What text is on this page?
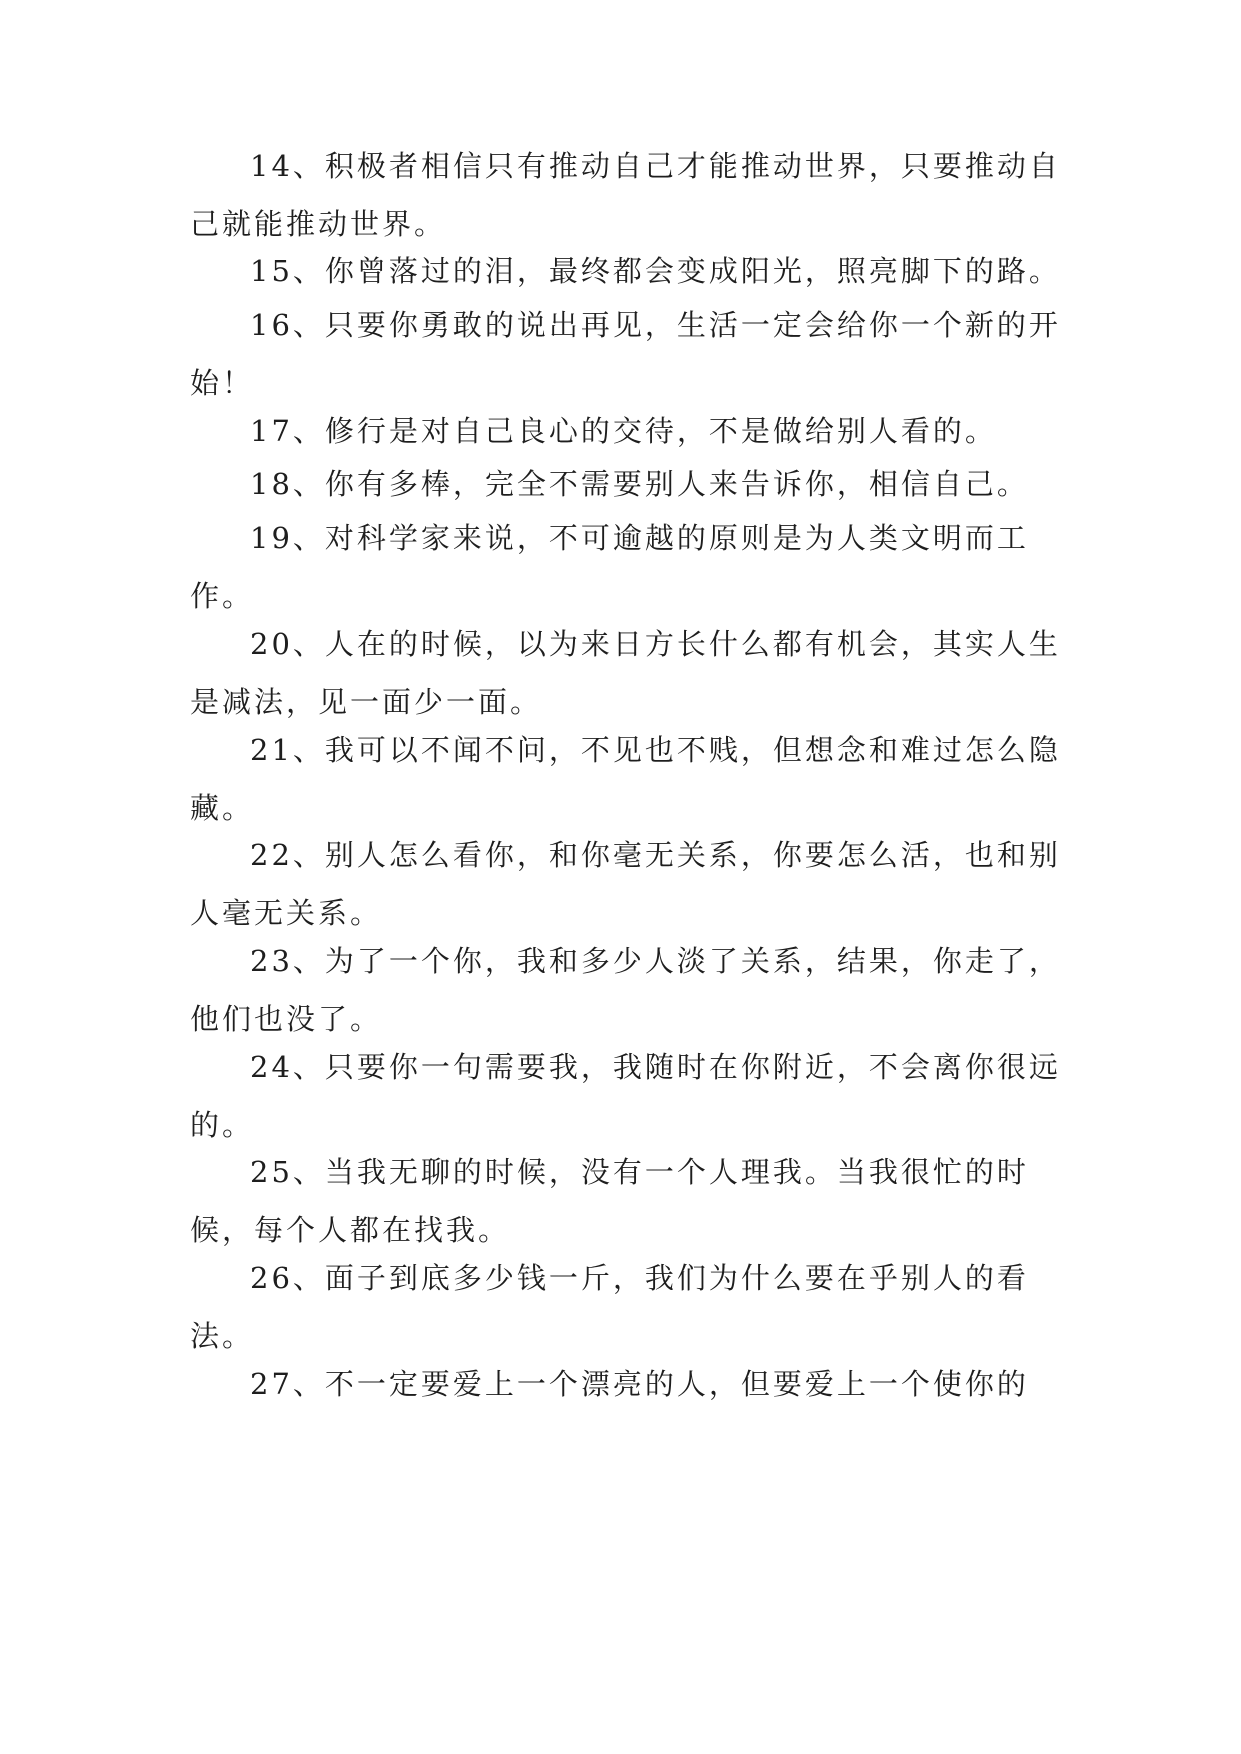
14、积极者相信只有推动自己才能推动世界，只要推动自己就能推动世界。

15、你曾落过的泪，最终都会变成阳光，照亮脚下的路。

16、只要你勇敢的说出再见，生活一定会给你一个新的开始！

17、修行是对自己良心的交待，不是做给别人看的。

18、你有多棒，完全不需要别人来告诉你，相信自己。

19、对科学家来说，不可逾越的原则是为人类文明而工作。

20、人在的时候，以为来日方长什么都有机会，其实人生是减法，见一面少一面。

21、我可以不闻不问，不见也不贱，但想念和难过怎么隐藏。

22、别人怎么看你，和你毫无关系，你要怎么活，也和别人毫无关系。

23、为了一个你，我和多少人淡了关系，结果，你走了，他们也没了。

24、只要你一句需要我，我随时在你附近，不会离你很远的。

25、当我无聊的时候，没有一个人理我。当我很忙的时候，每个人都在找我。

26、面子到底多少钱一斤，我们为什么要在乎别人的看法。

27、不一定要爱上一个漂亮的人，但要爱上一个使你的
